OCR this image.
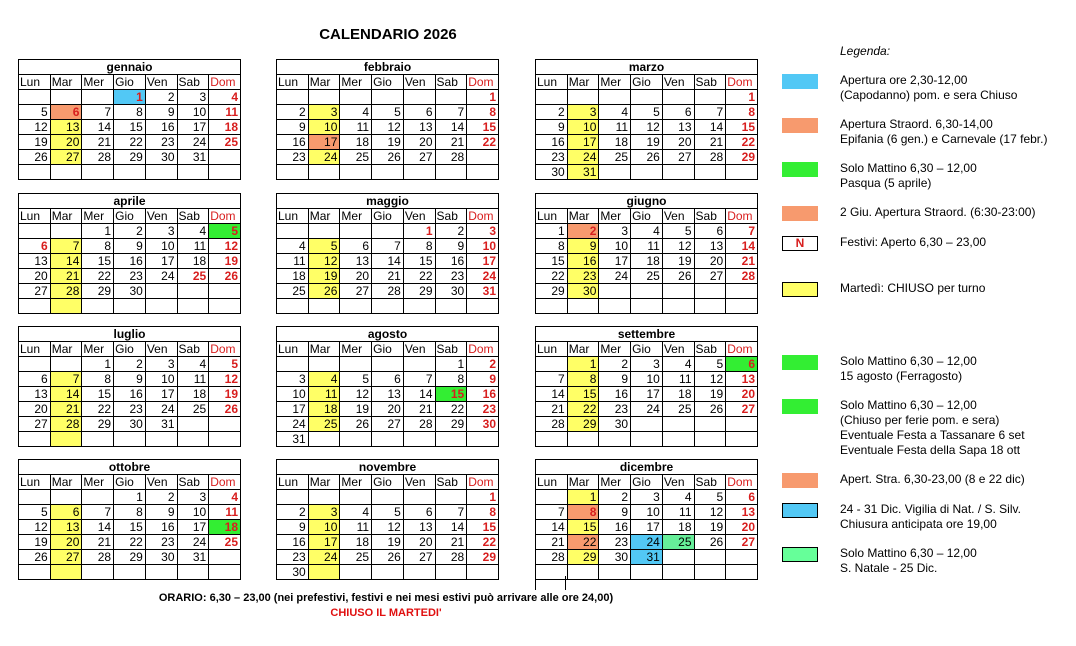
CALENDARIO 2026
gennaio						
Lun	Mar	Mer	Gio	Ven	Sab	Dom
			1	2	3	4
5	6	7	8	9	10	11
12	13	14	15	16	17	18
19	20	21	22	23	24	25
26	27	28	29	30	31	

febbraio						
Lun	Mar	Mer	Gio	Ven	Sab	Dom
						1
2	3	4	5	6	7	8
9	10	11	12	13	14	15
16	17	18	19	20	21	22
23	24	25	26	27	28	

marzo						
Lun	Mar	Mer	Gio	Ven	Sab	Dom
						1
2	3	4	5	6	7	8
9	10	11	12	13	14	15
16	17	18	19	20	21	22
23	24	25	26	27	28	29
30	31					
aprile						
Lun	Mar	Mer	Gio	Ven	Sab	Dom
		1	2	3	4	5
6	7	8	9	10	11	12
13	14	15	16	17	18	19
20	21	22	23	24	25	26
27	28	29	30			

maggio						
Lun	Mar	Mer	Gio	Ven	Sab	Dom
				1	2	3
4	5	6	7	8	9	10
11	12	13	14	15	16	17
18	19	20	21	22	23	24
25	26	27	28	29	30	31

giugno						
Lun	Mar	Mer	Gio	Ven	Sab	Dom
1	2	3	4	5	6	7
8	9	10	11	12	13	14
15	16	17	18	19	20	21
22	23	24	25	26	27	28
29	30					

luglio						
Lun	Mar	Mer	Gio	Ven	Sab	Dom
		1	2	3	4	5
6	7	8	9	10	11	12
13	14	15	16	17	18	19
20	21	22	23	24	25	26
27	28	29	30	31		

agosto						
Lun	Mar	Mer	Gio	Ven	Sab	Dom
					1	2
3	4	5	6	7	8	9
10	11	12	13	14	15	16
17	18	19	20	21	22	23
24	25	26	27	28	29	30
31						
settembre						
Lun	Mar	Mer	Gio	Ven	Sab	Dom
	1	2	3	4	5	6
7	8	9	10	11	12	13
14	15	16	17	18	19	20
21	22	23	24	25	26	27
28	29	30				

ottobre						
Lun	Mar	Mer	Gio	Ven	Sab	Dom
			1	2	3	4
5	6	7	8	9	10	11
12	13	14	15	16	17	18
19	20	21	22	23	24	25
26	27	28	29	30	31	

novembre						
Lun	Mar	Mer	Gio	Ven	Sab	Dom
						1
2	3	4	5	6	7	8
9	10	11	12	13	14	15
16	17	18	19	20	21	22
23	24	25	26	27	28	29
30						
dicembre						
Lun	Mar	Mer	Gio	Ven	Sab	Dom
	1	2	3	4	5	6
7	8	9	10	11	12	13
14	15	16	17	18	19	20
21	22	23	24	25	26	27
28	29	30	31			

Legenda:
Apertura ore 2,30-12,00
(Capodanno) pom. e sera Chiuso
Apertura Straord. 6,30-14,00
Epifania (6 gen.) e Carnevale (17 febr.)
Solo Mattino 6,30 – 12,00
Pasqua (5 aprile)
2 Giu. Apertura Straord. (6:30-23:00)
N	Festivi: Aperto 6,30 – 23,00
Martedì: CHIUSO per turno
Solo Mattino 6,30 – 12,00
15 agosto (Ferragosto)
Solo Mattino 6,30 – 12,00
(Chiuso per ferie pom. e sera)
Eventuale Festa a Tassanare 6 set
Eventuale Festa della Sapa 18 ott
Apert. Stra. 6,30-23,00 (8 e 22 dic)
24 - 31 Dic. Vigilia di Nat. / S. Silv.
Chiusura anticipata ore 19,00
Solo Mattino 6,30 – 12,00
S. Natale - 25 Dic.
ORARIO: 6,30 – 23,00 (nei prefestivi, festivi e nei mesi estivi può arrivare alle ore 24,00)
CHIUSO IL MARTEDI'
